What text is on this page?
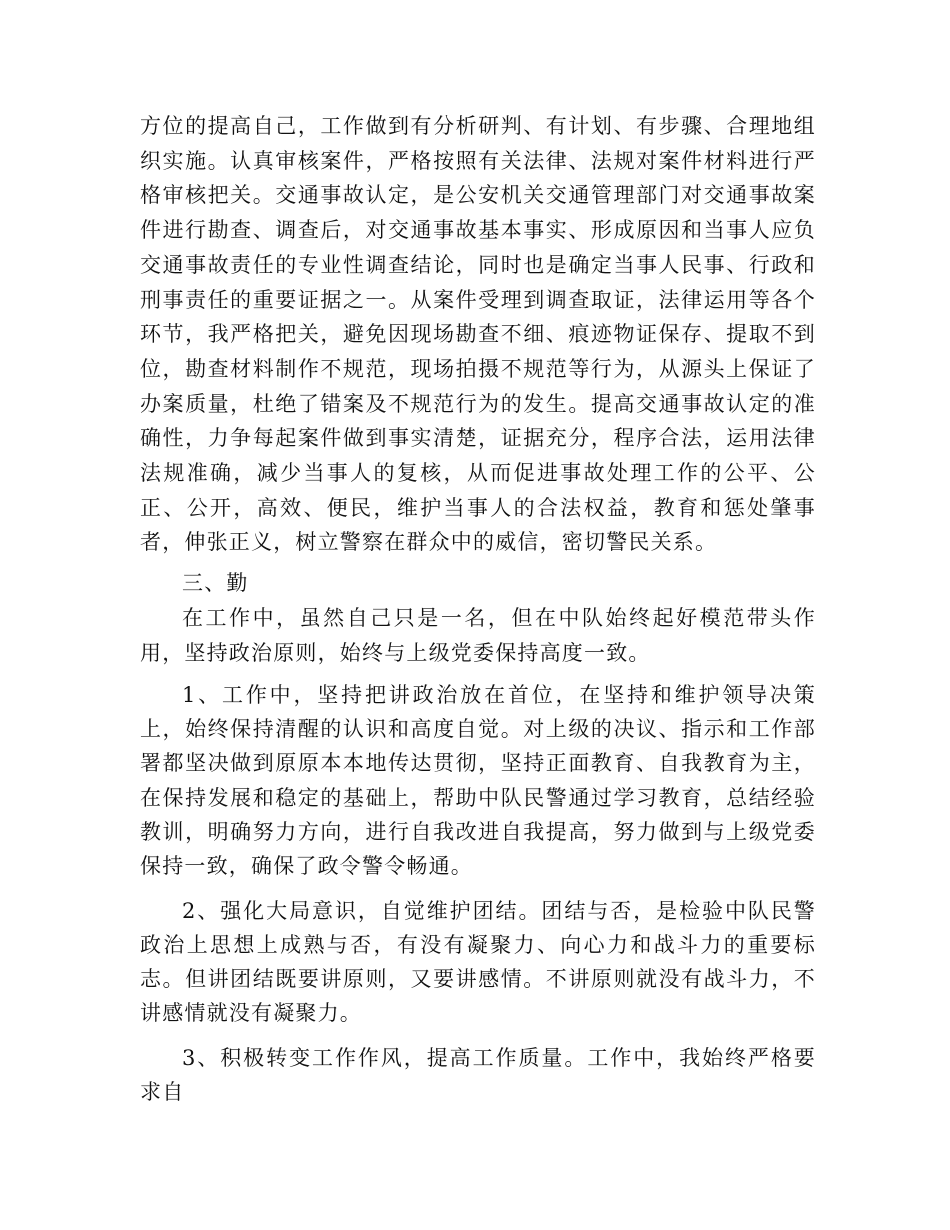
方位的提高自己，工作做到有分析研判、有计划、有步骤、合理地组织实施。认真审核案件，严格按照有关法律、法规对案件材料进行严格审核把关。交通事故认定，是公安机关交通管理部门对交通事故案件进行勘查、调查后，对交通事故基本事实、形成原因和当事人应负交通事故责任的专业性调查结论，同时也是确定当事人民事、行政和刑事责任的重要证据之一。从案件受理到调查取证，法律运用等各个环节，我严格把关，避免因现场勘查不细、痕迹物证保存、提取不到位，勘查材料制作不规范，现场拍摄不规范等行为，从源头上保证了办案质量，杜绝了错案及不规范行为的发生。提高交通事故认定的准确性，力争每起案件做到事实清楚，证据充分，程序合法，运用法律法规准确，减少当事人的复核，从而促进事故处理工作的公平、公正、公开，高效、便民，维护当事人的合法权益，教育和惩处肇事者，伸张正义，树立警察在群众中的威信，密切警民关系。

三、勤

在工作中，虽然自己只是一名，但在中队始终起好模范带头作用，坚持政治原则，始终与上级党委保持高度一致。

1、工作中，坚持把讲政治放在首位，在坚持和维护领导决策上，始终保持清醒的认识和高度自觉。对上级的决议、指示和工作部署都坚决做到原原本本地传达贯彻，坚持正面教育、自我教育为主，在保持发展和稳定的基础上，帮助中队民警通过学习教育，总结经验教训，明确努力方向，进行自我改进自我提高，努力做到与上级党委保持一致，确保了政令警令畅通。

2、强化大局意识，自觉维护团结。团结与否，是检验中队民警政治上思想上成熟与否，有没有凝聚力、向心力和战斗力的重要标志。但讲团结既要讲原则，又要讲感情。不讲原则就没有战斗力，不讲感情就没有凝聚力。

3、积极转变工作作风，提高工作质量。工作中，我始终严格要求自
